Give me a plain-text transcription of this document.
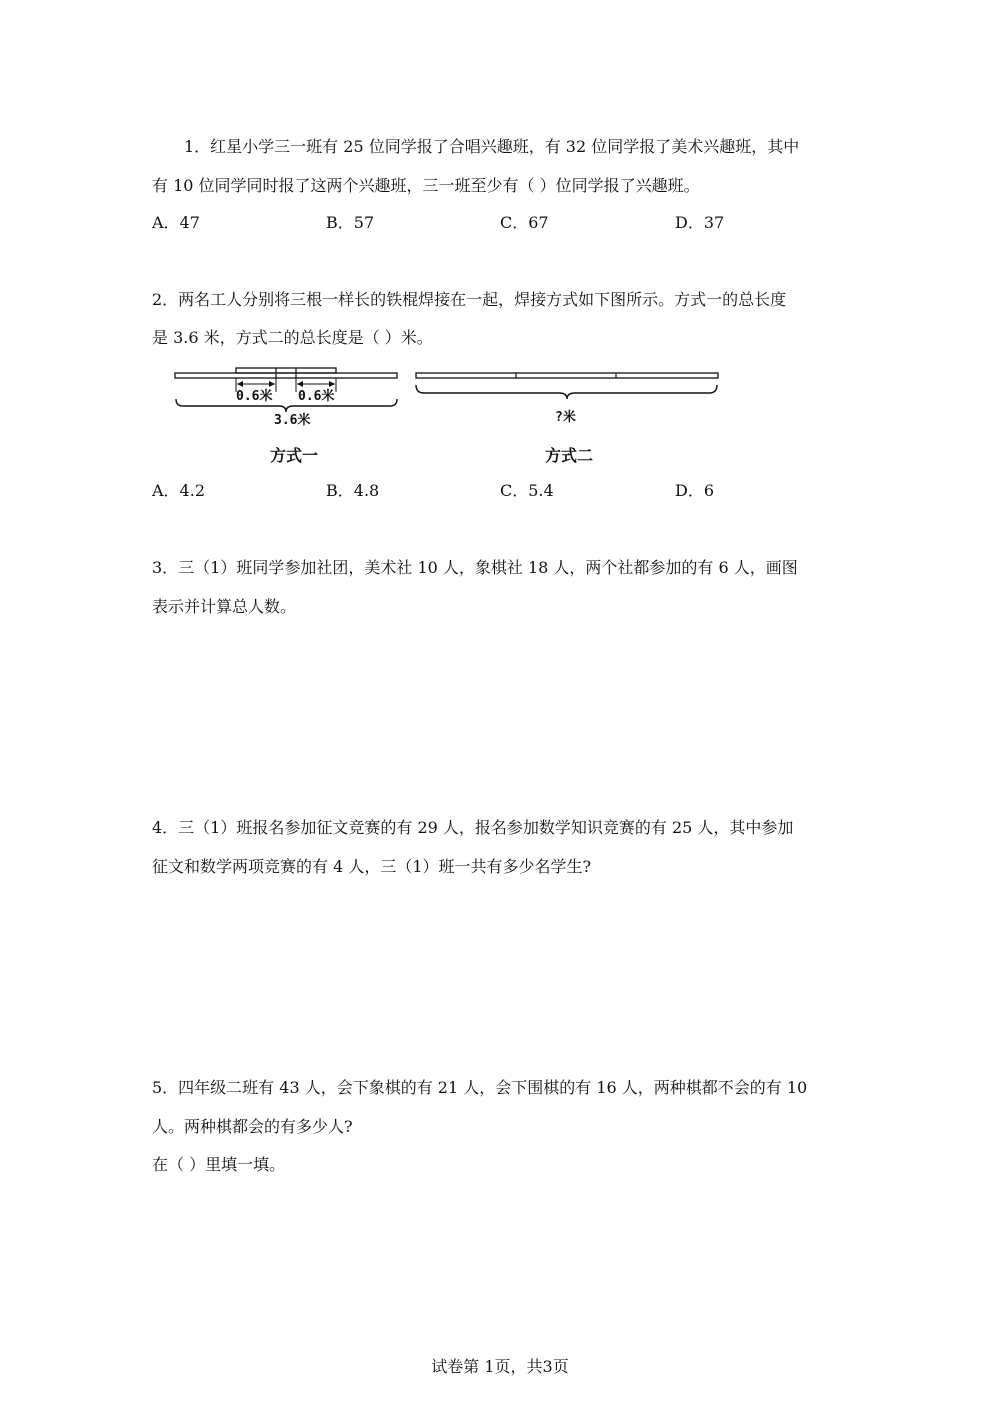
1．红星小学三一班有 25 位同学报了合唱兴趣班，有 32 位同学报了美术兴趣班，其中
有 10 位同学同时报了这两个兴趣班，三一班至少有（ ）位同学报了兴趣班。
A．47	B．57	C．67	D．37
2．两名工人分别将三根一样长的铁棍焊接在一起，焊接方式如下图所示。方式一的总长度
是 3.6 米，方式二的总长度是（ ）米。
0.6米 0.6米
3.6米	?米
方式一	方式二
A．4.2	B．4.8	C．5.4	D．6
3．三（1）班同学参加社团，美术社 10 人，象棋社 18 人，两个社都参加的有 6 人，画图
表示并计算总人数。
4．三（1）班报名参加征文竞赛的有 29 人，报名参加数学知识竞赛的有 25 人，其中参加
征文和数学两项竞赛的有 4 人，三（1）班一共有多少名学生?
5．四年级二班有 43 人，会下象棋的有 21 人，会下围棋的有 16 人，两种棋都不会的有 10
人。两种棋都会的有多少人?
在（ ）里填一填。
试卷第 1页，共3页
